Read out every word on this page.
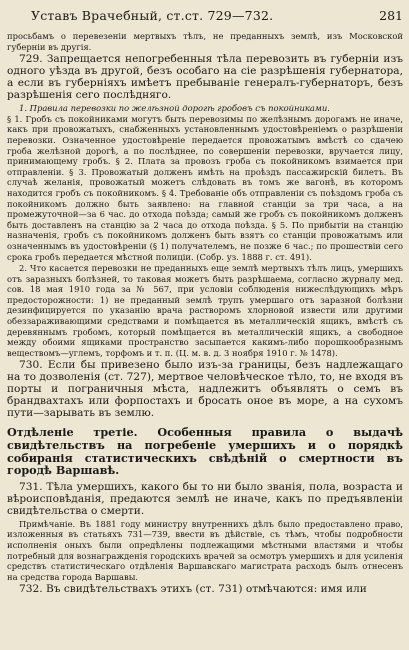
Уставъ Врачебный, ст.ст. 729—732.	281

просьбамъ о перевезеніи мертвыхъ тѣлъ, не преданныхъ землѣ, изъ Московской губерніи въ другія.

729. Запрещается непогребенныя тѣла перевозить въ губерніи изъ одного уѣзда въ другой, безъ особаго на сіе разрѣшенія губернатора, а если въ губерніяхъ имѣетъ пребываніе генералъ-губернаторъ, безъ разрѣшенія сего послѣдняго.

1. Правила перевозки по желѣзной дорогѣ гробовъ съ покойниками.

§ 1. Гробъ съ покойниками могутъ быть перевозимы по желѣзнымъ дорогамъ не иначе, какъ при провожатыхъ, снабженныхъ установленнымъ удостовѣреніемъ о разрѣшеніи перевозки. Означенное удостовѣреніе передается провожатымъ вмѣстѣ со сдачею гроба желѣзной дорогѣ, а по послѣднее, по совершеніи перевозки, вручается лицу, принимающему гробъ. § 2. Плата за провозъ гроба съ покойникомъ взимается при отправленіи. § 3. Провожатый долженъ имѣть на проѣздъ пассажирскій билетъ. Въ случаѣ желанія, провожатый можетъ слѣдовать въ томъ же вагонѣ, въ которомъ находится гробъ съ покойникомъ. § 4. Требованіе объ отправленіи съ поѣздомъ гроба съ покойникомъ должно быть заявлено: на главной станціи за три часа, а на промежуточной—за 6 час. до отхода поѣзда; самый же гробъ съ покойникомъ долженъ быть доставленъ на станцію за 2 часа до отхода поѣзда. § 5. По прибытіи на станцію назначенія, гробъ съ покойникомъ долженъ быть взятъ со станціи провожатымъ или означеннымъ въ удостовѣреніи (§ 1) получателемъ, не позже 6 час.; по прошествіи сего срока гробъ передается мѣстной полиціи. (Собр. уз. 1888 г. ст. 491).

2. Что касается перевозки не преданныхъ еще землѣ мертвыхъ тѣлъ лицъ, умершихъ отъ заразныхъ болѣзней, то таковая можетъ быть разрѣшаема, согласно журналу мед. сов. 18 мая 1910 года за № 567, при условіи соблюденія нижеслѣдующихъ мѣръ предосторожности: 1) не преданный землѣ трупъ умершаго отъ заразной болѣзни дезинфицируется по указанію врача растворомъ хлорновой извести или другими обеззараживающими средствами и помѣщается въ металлическій ящикъ, вмѣстѣ съ деревяннымъ гробомъ, который помѣщается въ металлическій ящикъ, а свободное между обоими ящиками пространство засыпается какимъ-либо порошкообразнымъ веществомъ—углемъ, торфомъ и т. п. (Ц. м. в. д. 3 ноября 1910 г. № 1478).

730. Если бы привезено было изъ-за границы, безъ надлежащаго на то дозволенія (ст. 727), мертвое человѣческое тѣло, то, не входя въ порты и пограничныя мѣста, надлежитъ объявлять о семъ въ брандвахтахъ или форпостахъ и бросать оное въ море, а на сухомъ пути—зарывать въ землю.

Отдѣленіе третіе. Особенныя правила о выдачѣ свидѣтельствъ на погребеніе умершихъ и о порядкѣ собиранія статистическихъ свѣдѣній о смертности въ городѣ Варшавѣ.

731. Тѣла умершихъ, какого бы то ни было званія, пола, возраста и вѣроисповѣданія, предаются землѣ не иначе, какъ по предъявленіи свидѣтельства о смерти.

Примѣчаніе. Въ 1881 году министру внутреннихъ дѣлъ было предоставлено право, изложенныя въ статьяхъ 731—739, ввести въ дѣйствіе, съ тѣмъ, чтобы подробности исполненія оныхъ были опредѣлены подлежащими мѣстными властями и чтобы потребный для вознагражденія городскихъ врачей за осмотръ умершихъ и для усиленія средствъ статистическаго отдѣленія Варшавскаго магистрата расходъ былъ отнесенъ на средства города Варшавы.

732. Въ свидѣтельствахъ этихъ (ст. 731) отмѣчаются: имя или
